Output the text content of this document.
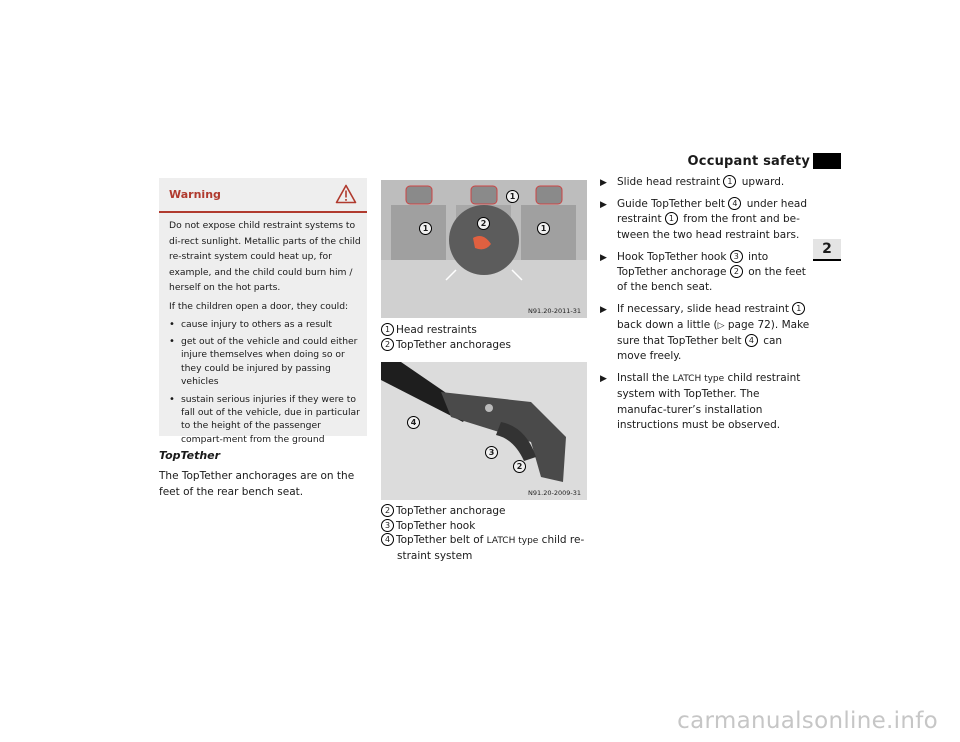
Occupant safety
2
Warning

Do not expose child restraint systems to di-rect sunlight. Metallic parts of the child re-straint system could heat up, for example, and the child could burn him / herself on the hot parts.

If the children open a door, they could:

• cause injury to others as a result
• get out of the vehicle and could either injure themselves when doing so or they could be injured by passing vehicles
• sustain serious injuries if they were to fall out of the vehicle, due in particular to the height of the passenger compart-ment from the ground
TopTether
The TopTether anchorages are on the feet of the rear bench seat.
1
1	1
2
N91.20-2011-31
1 Head restraints
2 TopTether anchorages
4
3
2
N91.20-2009-31
2 TopTether anchorage
3 TopTether hook
4 TopTether belt of LATCH type child re-straint system
▶ Slide head restraint 1 upward.
▶ Guide TopTether belt 4 under head restraint 1 from the front and be-tween the two head restraint bars.
▶ Hook TopTether hook 3 into TopTether anchorage 2 on the feet of the bench seat.
▶ If necessary, slide head restraint 1 back down a little (▷ page 72). Make sure that TopTether belt 4 can move freely.
▶ Install the LATCH type child restraint system with TopTether. The manufac-turer’s installation instructions must be observed.
carmanualsonline.info
